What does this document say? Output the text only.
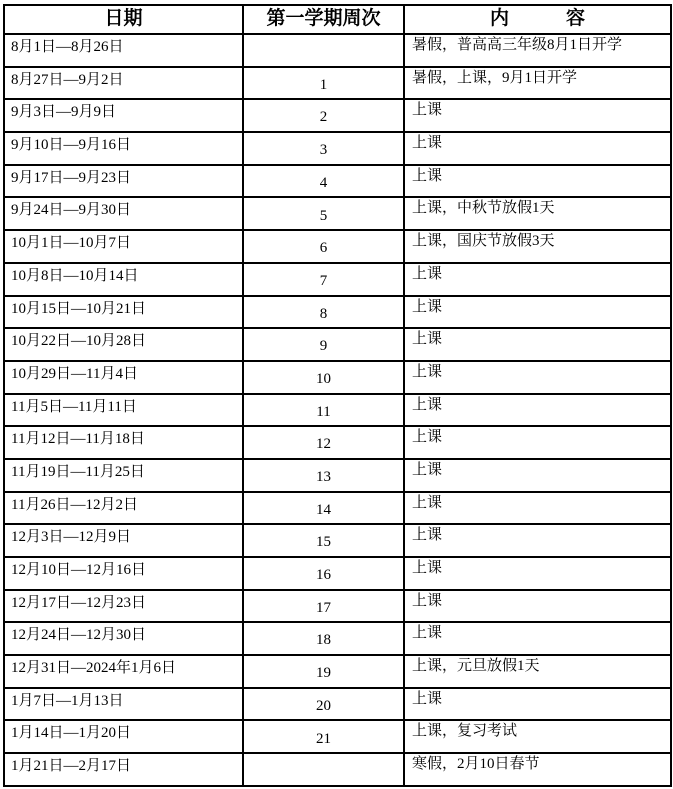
日期	第一学期周次	内　　　容
8月1日—8月26日		暑假，普高高三年级8月1日开学
8月27日—9月2日	1	暑假，上课，9月1日开学
9月3日—9月9日	2	上课
9月10日—9月16日	3	上课
9月17日—9月23日	4	上课
9月24日—9月30日	5	上课，中秋节放假1天
10月1日—10月7日	6	上课，国庆节放假3天
10月8日—10月14日	7	上课
10月15日—10月21日	8	上课
10月22日—10月28日	9	上课
10月29日—11月4日	10	上课
11月5日—11月11日	11	上课
11月12日—11月18日	12	上课
11月19日—11月25日	13	上课
11月26日—12月2日	14	上课
12月3日—12月9日	15	上课
12月10日—12月16日	16	上课
12月17日—12月23日	17	上课
12月24日—12月30日	18	上课
12月31日—2024年1月6日	19	上课，元旦放假1天
1月7日—1月13日	20	上课
1月14日—1月20日	21	上课，复习考试
1月21日—2月17日		寒假，2月10日春节
